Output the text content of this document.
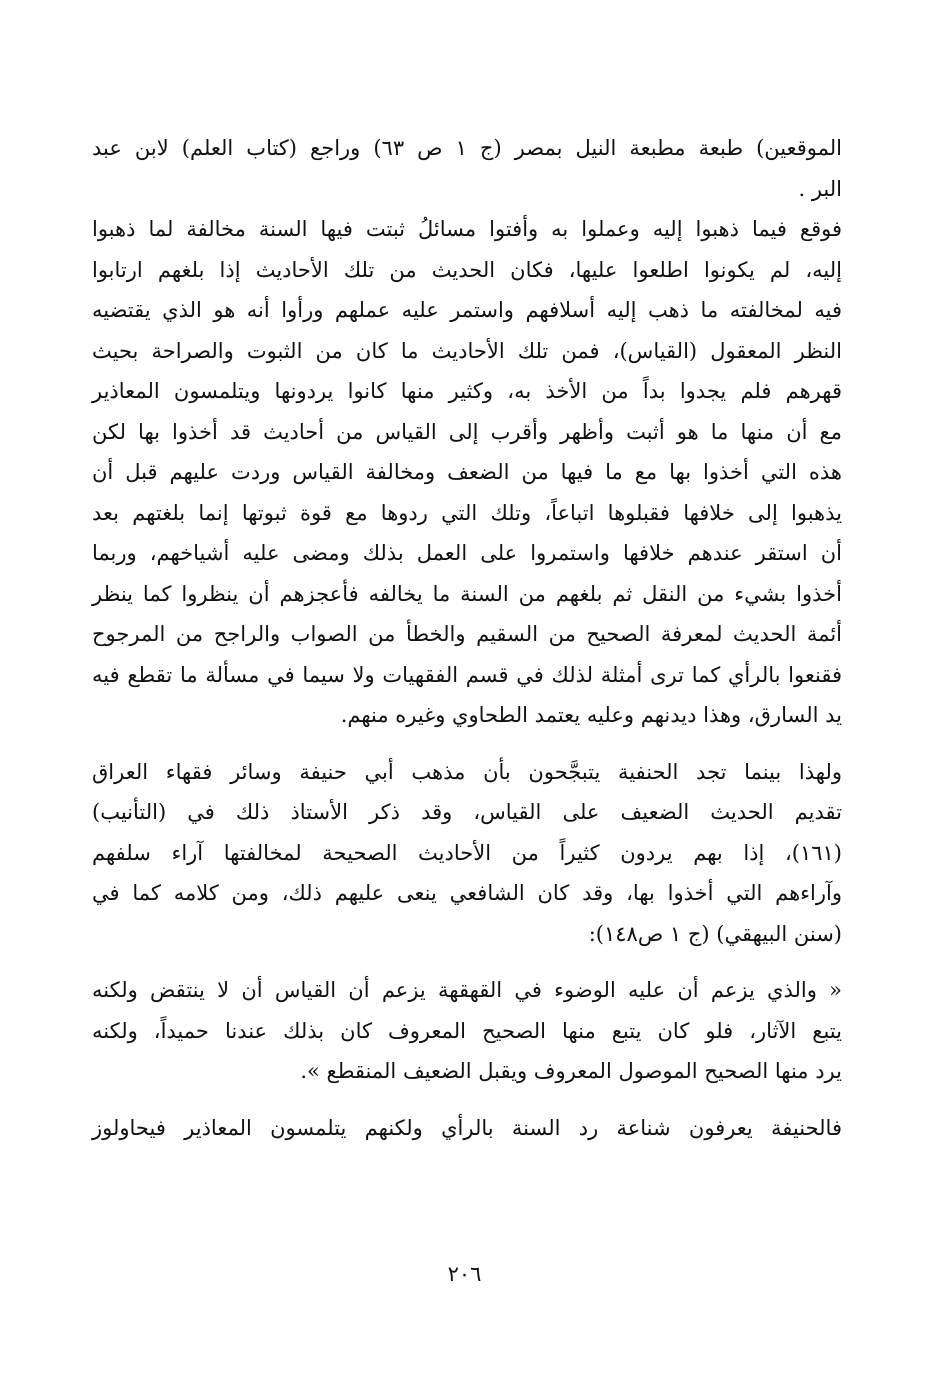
الموقعين) طبعة مطبعة النيل بمصر (ج ١ ص ٦٣) وراجع (كتاب العلم) لابن عبد
البر .
فوقع فيما ذهبوا إليه وعملوا به وأفتوا مسائلُ ثبتت فيها السنة مخالفة لما ذهبوا
إليه، لم يكونوا اطلعوا عليها، فكان الحديث من تلك الأحاديث إذا بلغهم ارتابوا
فيه لمخالفته ما ذهب إليه أسلافهم واستمر عليه عملهم ورأوا أنه هو الذي يقتضيه
النظر المعقول (القياس)، فمن تلك الأحاديث ما كان من الثبوت والصراحة بحيث
قهرهم فلم يجدوا بداً من الأخذ به، وكثير منها كانوا يردونها ويتلمسون المعاذير
مع أن منها ما هو أثبت وأظهر وأقرب إلى القياس من أحاديث قد أخذوا بها لكن
هذه التي أخذوا بها مع ما فيها من الضعف ومخالفة القياس وردت عليهم قبل أن
يذهبوا إلى خلافها فقبلوها اتباعاً، وتلك التي ردوها مع قوة ثبوتها إنما بلغتهم بعد
أن استقر عندهم خلافها واستمروا على العمل بذلك ومضى عليه أشياخهم، وربما
أخذوا بشيء من النقل ثم بلغهم من السنة ما يخالفه فأعجزهم أن ينظروا كما ينظر
أئمة الحديث لمعرفة الصحيح من السقيم والخطأ من الصواب والراجح من المرجوح
فقنعوا بالرأي كما ترى أمثلة لذلك في قسم الفقهيات ولا سيما في مسألة ما تقطع فيه
يد السارق، وهذا ديدنهم وعليه يعتمد الطحاوي وغيره منهم.
ولهذا بينما تجد الحنفية يتبجَّحون بأن مذهب أبي حنيفة وسائر فقهاء العراق
تقديم الحديث الضعيف على القياس، وقد ذكر الأستاذ ذلك في (التأنيب)
(١٦١)، إذا بهم يردون كثيراً من الأحاديث الصحيحة لمخالفتها آراء سلفهم
وآراءهم التي أخذوا بها، وقد كان الشافعي ينعى عليهم ذلك، ومن كلامه كما في
(سنن البيهقي) (ج ١ ص١٤٨):
« والذي يزعم أن عليه الوضوء في القهقهة يزعم أن القياس أن لا ينتقض ولكنه
يتبع الآثار، فلو كان يتبع منها الصحيح المعروف كان بذلك عندنا حميداً، ولكنه
يرد منها الصحيح الموصول المعروف ويقبل الضعيف المنقطع ».
فالحنيفة يعرفون شناعة رد السنة بالرأي ولكنهم يتلمسون المعاذير فيحاولوز
٢٠٦
